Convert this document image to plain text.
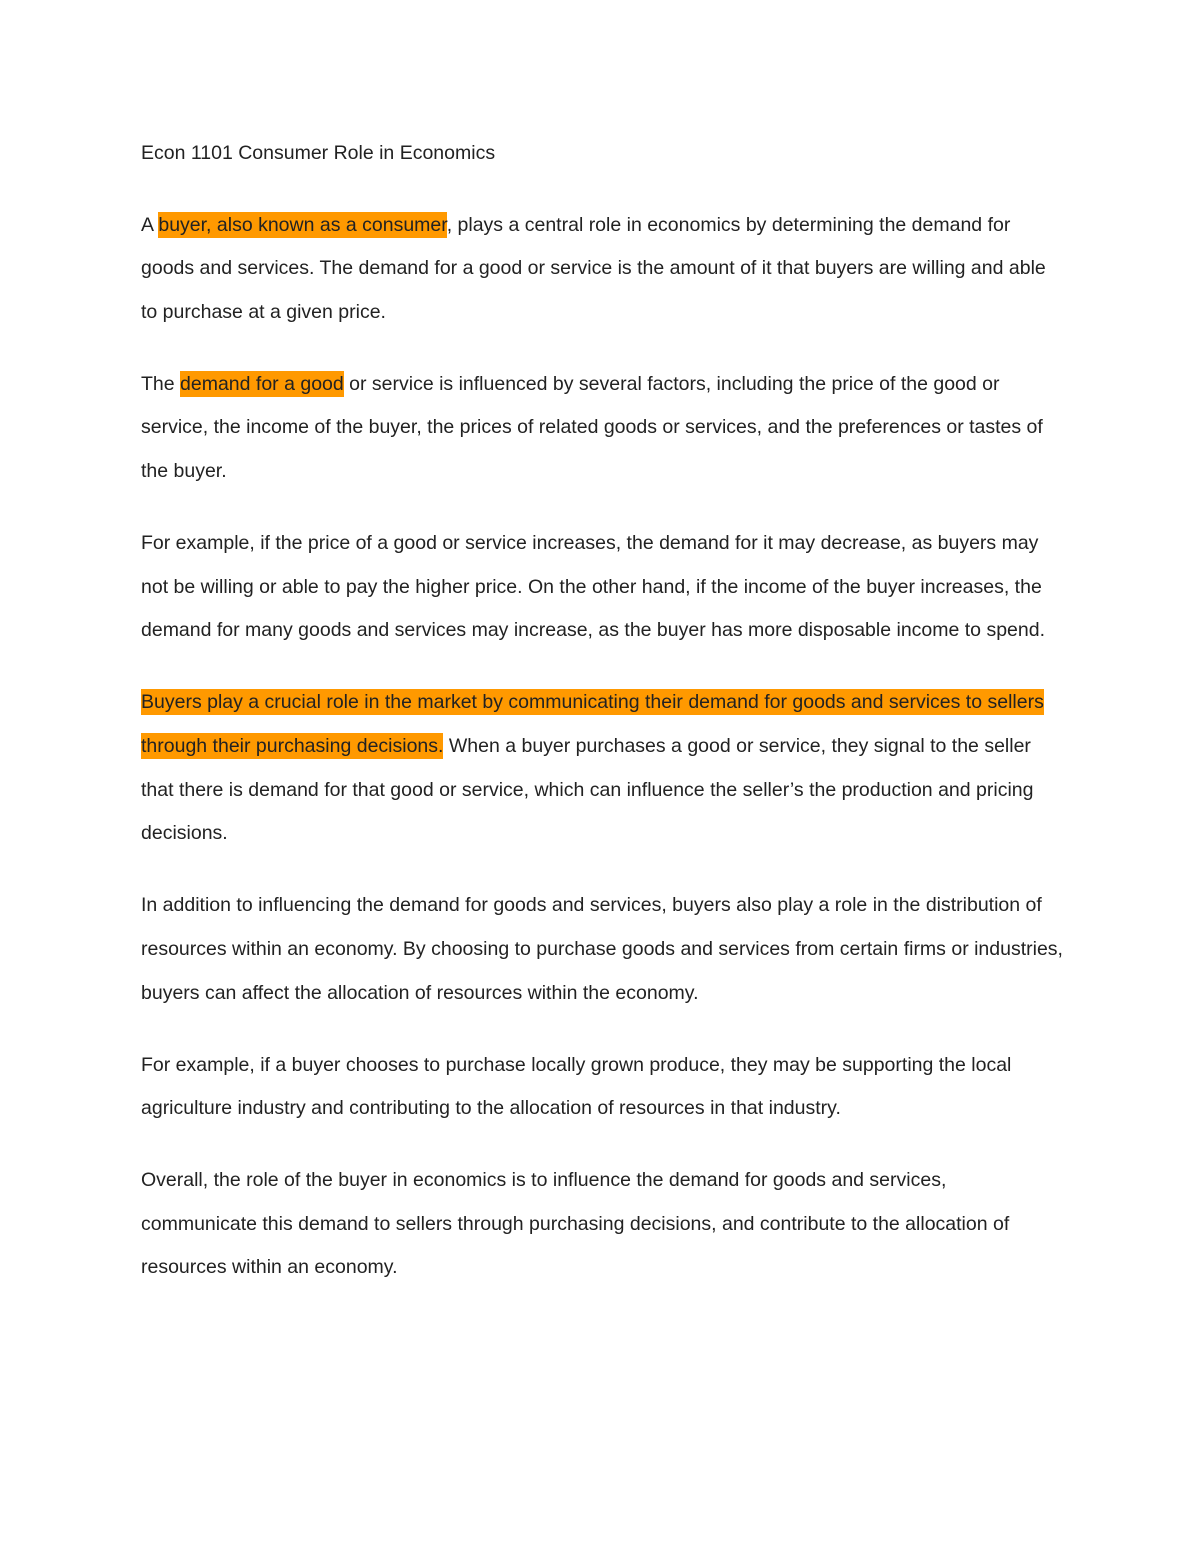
Econ 1101 Consumer Role in Economics

A buyer, also known as a consumer, plays a central role in economics by determining the demand for goods and services. The demand for a good or service is the amount of it that buyers are willing and able to purchase at a given price.

The demand for a good or service is influenced by several factors, including the price of the good or service, the income of the buyer, the prices of related goods or services, and the preferences or tastes of the buyer.

For example, if the price of a good or service increases, the demand for it may decrease, as buyers may not be willing or able to pay the higher price. On the other hand, if the income of the buyer increases, the demand for many goods and services may increase, as the buyer has more disposable income to spend.

Buyers play a crucial role in the market by communicating their demand for goods and services to sellers through their purchasing decisions. When a buyer purchases a good or service, they signal to the seller that there is demand for that good or service, which can influence the seller’s the production and pricing decisions.

In addition to influencing the demand for goods and services, buyers also play a role in the distribution of resources within an economy. By choosing to purchase goods and services from certain firms or industries, buyers can affect the allocation of resources within the economy.

For example, if a buyer chooses to purchase locally grown produce, they may be supporting the local agriculture industry and contributing to the allocation of resources in that industry.

Overall, the role of the buyer in economics is to influence the demand for goods and services, communicate this demand to sellers through purchasing decisions, and contribute to the allocation of resources within an economy.
